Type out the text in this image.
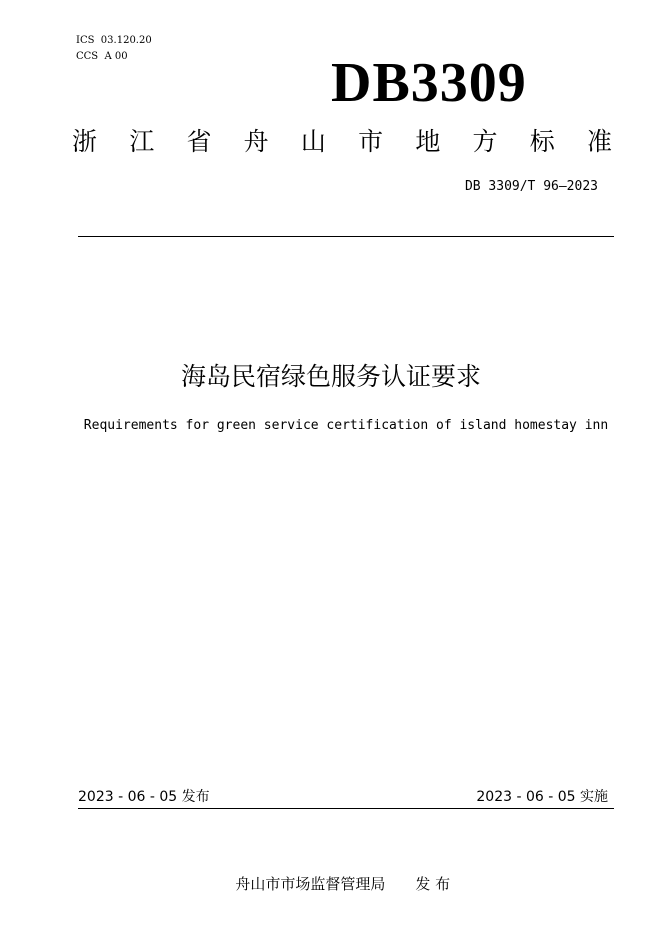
ICS  03.120.20
CCS  A 00	DB3309
浙 江 省 舟 山 市 地 方 标 准
DB 3309/T 96—2023
海岛民宿绿色服务认证要求
Requirements for green service certification of island homestay inn
2023 - 06 - 05 发布	2023 - 06 - 05 实施

舟山市市场监督管理局 发 布
